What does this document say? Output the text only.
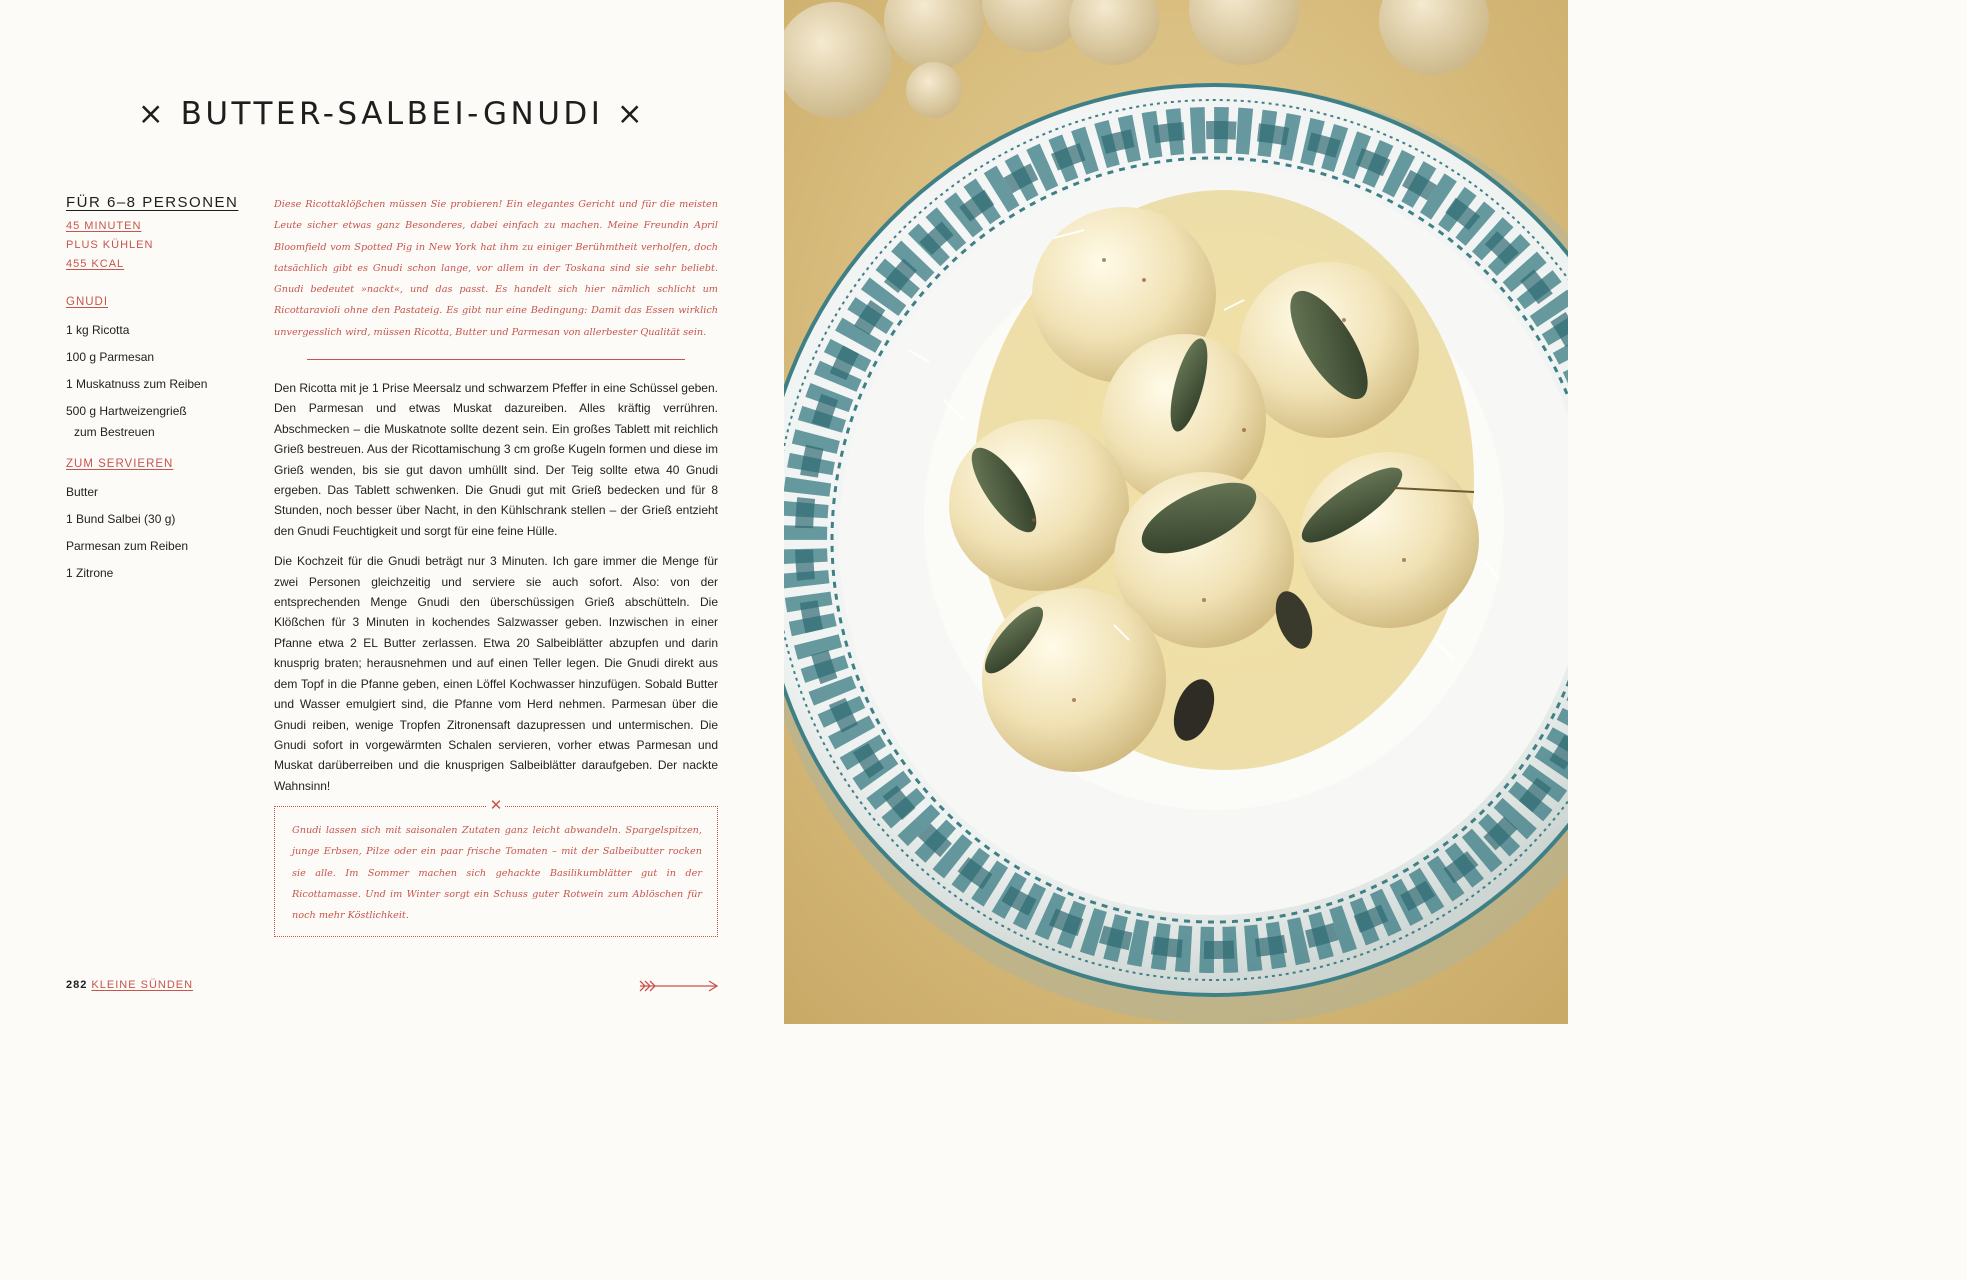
× BUTTER-SALBEI-GNUDI ×
FÜR 6–8 PERSONEN
45 MINUTEN
PLUS KÜHLEN
455 KCAL
GNUDI
1 kg Ricotta
100 g Parmesan
1 Muskatnuss zum Reiben
500 g Hartweizengrieß
zum Bestreuen
ZUM SERVIEREN
Butter
1 Bund Salbei (30 g)
Parmesan zum Reiben
1 Zitrone
Diese Ricottaklößchen müssen Sie probieren! Ein elegantes Gericht und für die meisten Leute sicher etwas ganz Besonderes, dabei einfach zu machen. Meine Freundin April Bloomfield vom Spotted Pig in New York hat ihm zu einiger Berühmtheit verholfen, doch tatsächlich gibt es Gnudi schon lange, vor allem in der Toskana sind sie sehr beliebt. Gnudi bedeutet »nackt«, und das passt. Es handelt sich hier nämlich schlicht um Ricottaravioli ohne den Pastateig. Es gibt nur eine Bedingung: Damit das Essen wirklich unvergesslich wird, müssen Ricotta, Butter und Parmesan von allerbester Qualität sein.

Den Ricotta mit je 1 Prise Meersalz und schwarzem Pfeffer in eine Schüssel geben. Den Parmesan und etwas Muskat dazureiben. Alles kräftig verrühren. Abschmecken – die Muskatnote sollte dezent sein. Ein großes Tablett mit reichlich Grieß bestreuen. Aus der Ricottamischung 3 cm große Kugeln formen und diese im Grieß wenden, bis sie gut davon umhüllt sind. Der Teig sollte etwa 40 Gnudi ergeben. Das Tablett schwenken. Die Gnudi gut mit Grieß bedecken und für 8 Stunden, noch besser über Nacht, in den Kühlschrank stellen – der Grieß entzieht den Gnudi Feuchtigkeit und sorgt für eine feine Hülle.

Die Kochzeit für die Gnudi beträgt nur 3 Minuten. Ich gare immer die Menge für zwei Personen gleichzeitig und serviere sie auch sofort. Also: von der entsprechenden Menge Gnudi den überschüssigen Grieß abschütteln. Die Klößchen für 3 Minuten in kochendes Salzwasser geben. Inzwischen in einer Pfanne etwa 2 EL Butter zerlassen. Etwa 20 Salbeiblätter abzupfen und darin knusprig braten; herausnehmen und auf einen Teller legen. Die Gnudi direkt aus dem Topf in die Pfanne geben, einen Löffel Kochwasser hinzufügen. Sobald Butter und Wasser emulgiert sind, die Pfanne vom Herd nehmen. Parmesan über die Gnudi reiben, wenige Tropfen Zitronensaft dazupressen und untermischen. Die Gnudi sofort in vorgewärmten Schalen servieren, vorher etwas Parmesan und Muskat darüberreiben und die knusprigen Salbeiblätter daraufgeben. Der nackte Wahnsinn!

✕
Gnudi lassen sich mit saisonalen Zutaten ganz leicht abwandeln. Spargelspitzen, junge Erbsen, Pilze oder ein paar frische Tomaten – mit der Salbeibutter rocken sie alle. Im Sommer machen sich gehackte Basilikumblätter gut in der Ricottamasse. Und im Winter sorgt ein Schuss guter Rotwein zum Ablöschen für noch mehr Köstlichkeit.
282 KLEINE SÜNDEN
